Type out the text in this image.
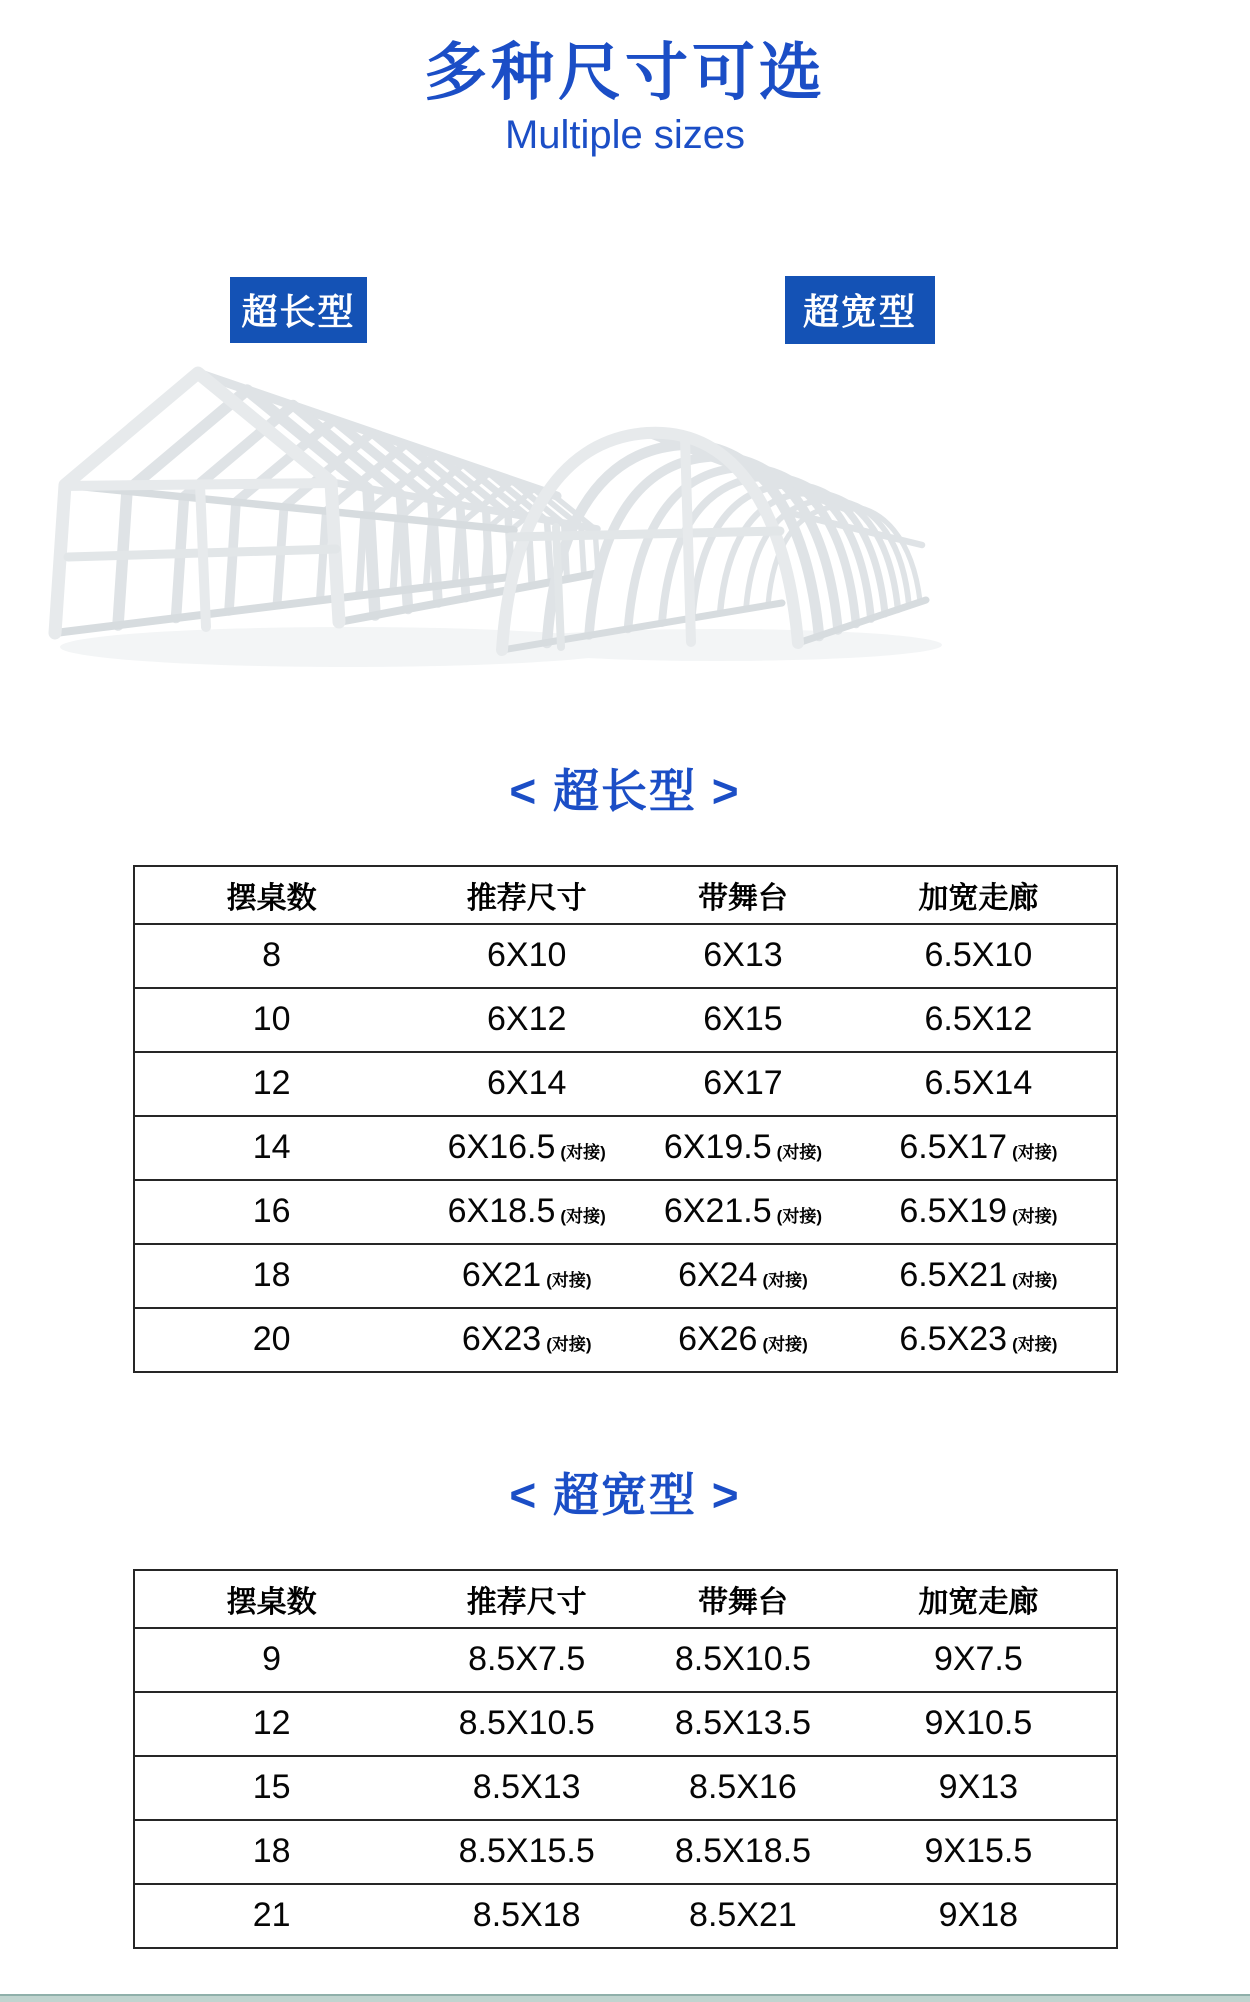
多种尺寸可选
Multiple sizes
超长型	超宽型
< 超长型 >
摆桌数	推荐尺寸	带舞台	加宽走廊
8	6X10	6X13	6.5X10
10	6X12	6X15	6.5X12
12	6X14	6X17	6.5X14
14	6X16.5 (对接)	6X19.5 (对接)	6.5X17 (对接)
16	6X18.5 (对接)	6X21.5 (对接)	6.5X19 (对接)
18	6X21 (对接)	6X24 (对接)	6.5X21 (对接)
20	6X23 (对接)	6X26 (对接)	6.5X23 (对接)
< 超宽型 >
摆桌数	推荐尺寸	带舞台	加宽走廊
9	8.5X7.5	8.5X10.5	9X7.5
12	8.5X10.5	8.5X13.5	9X10.5
15	8.5X13	8.5X16	9X13
18	8.5X15.5	8.5X18.5	9X15.5
21	8.5X18	8.5X21	9X18
